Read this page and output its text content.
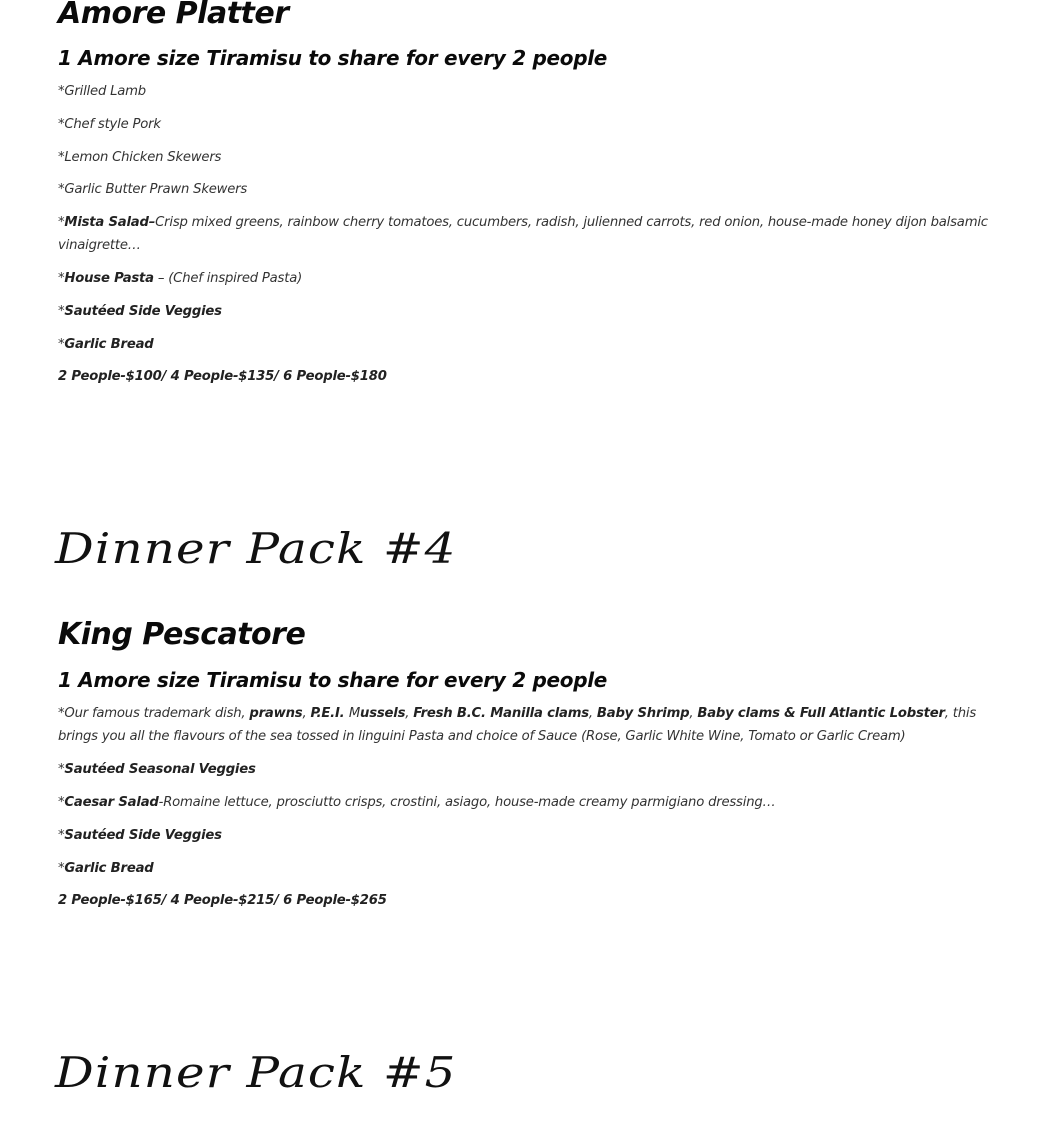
Amore Platter
1 Amore size Tiramisu to share for every 2 people
*Grilled Lamb
*Chef style Pork
*Lemon Chicken Skewers
*Garlic Butter Prawn Skewers
*Mista Salad–Crisp mixed greens, rainbow cherry tomatoes, cucumbers, radish, julienned carrots, red onion, house-made honey dijon balsamic vinaigrette…
*House Pasta – (Chef inspired Pasta)
*Sautéed Side Veggies
*Garlic Bread
2 People-$100/ 4 People-$135/ 6 People-$180
Dinner Pack #4
King Pescatore
1 Amore size Tiramisu to share for every 2 people
*Our famous trademark dish, prawns, P.E.I. Mussels, Fresh B.C. Manilla clams, Baby Shrimp, Baby clams & Full Atlantic Lobster, this brings you all the flavours of the sea tossed in linguini Pasta and choice of Sauce (Rose, Garlic White Wine, Tomato or Garlic Cream)
*Sautéed Seasonal Veggies
*Caesar Salad-Romaine lettuce, prosciutto crisps, crostini, asiago, house-made creamy parmigiano dressing…
*Sautéed Side Veggies
*Garlic Bread
2 People-$165/ 4 People-$215/ 6 People-$265
Dinner Pack #5
